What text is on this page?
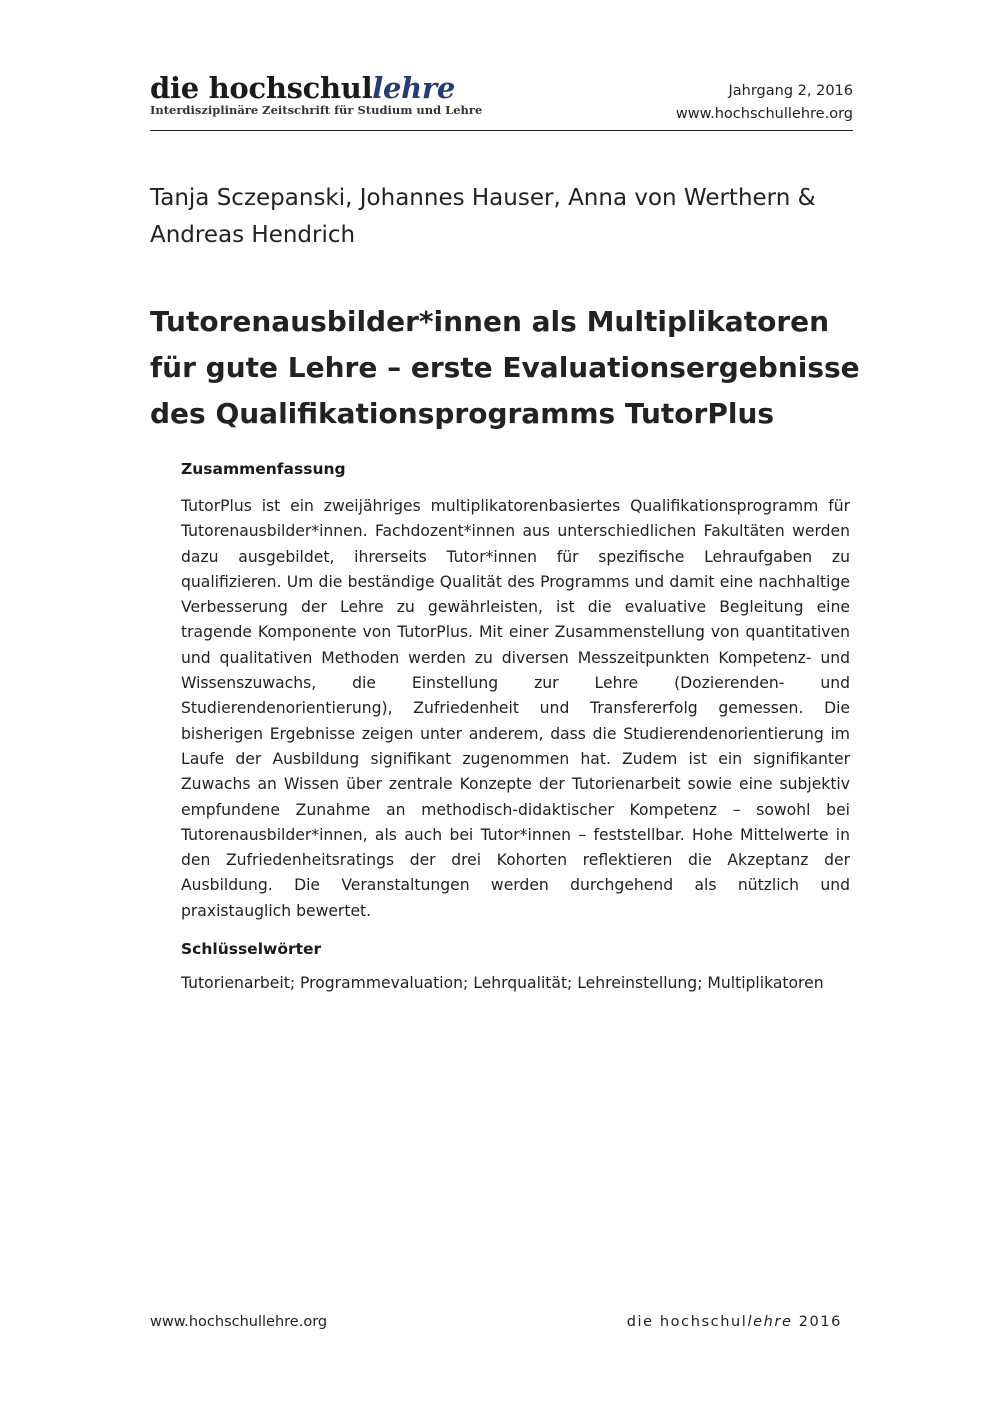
die hochschullehre
Interdisziplinäre Zeitschrift für Studium und Lehre
Jahrgang 2, 2016
www.hochschullehre.org
Tanja Sczepanski, Johannes Hauser, Anna von Werthern &
Andreas Hendrich
Tutorenausbilder*innen als Multiplikatoren für gute Lehre – erste Evaluationsergebnisse des Qualifikationsprogramms TutorPlus
Zusammenfassung

TutorPlus ist ein zweijähriges multiplikatorenbasiertes Qualifikationsprogramm für Tutorenausbilder*innen. Fachdozent*innen aus unterschiedlichen Fakultäten werden dazu ausgebildet, ihrerseits Tutor*innen für spezifische Lehraufgaben zu qualifizieren. Um die beständige Qualität des Programms und damit eine nachhaltige Verbesserung der Lehre zu gewährleisten, ist die evaluative Begleitung eine tragende Komponente von TutorPlus. Mit einer Zusammenstellung von quantitativen und qualitativen Methoden werden zu diversen Messzeitpunkten Kompetenz- und Wissenszuwachs, die Einstellung zur Lehre (Dozierenden- und Studierendenorientierung), Zufriedenheit und Transfererfolg gemessen. Die bisherigen Ergebnisse zeigen unter anderem, dass die Studierendenorientierung im Laufe der Ausbildung signifikant zugenommen hat. Zudem ist ein signifikanter Zuwachs an Wissen über zentrale Konzepte der Tutorienarbeit sowie eine subjektiv empfundene Zunahme an methodisch-didaktischer Kompetenz – sowohl bei Tutorenausbilder*innen, als auch bei Tutor*innen – feststellbar. Hohe Mittelwerte in den Zufriedenheitsratings der drei Kohorten reflektieren die Akzeptanz der Ausbildung. Die Veranstaltungen werden durchgehend als nützlich und praxistauglich bewertet.

Schlüsselwörter

Tutorienarbeit; Programmevaluation; Lehrqualität; Lehreinstellung; Multiplikatoren

www.hochschullehre.org	die hochschullehre 2016
